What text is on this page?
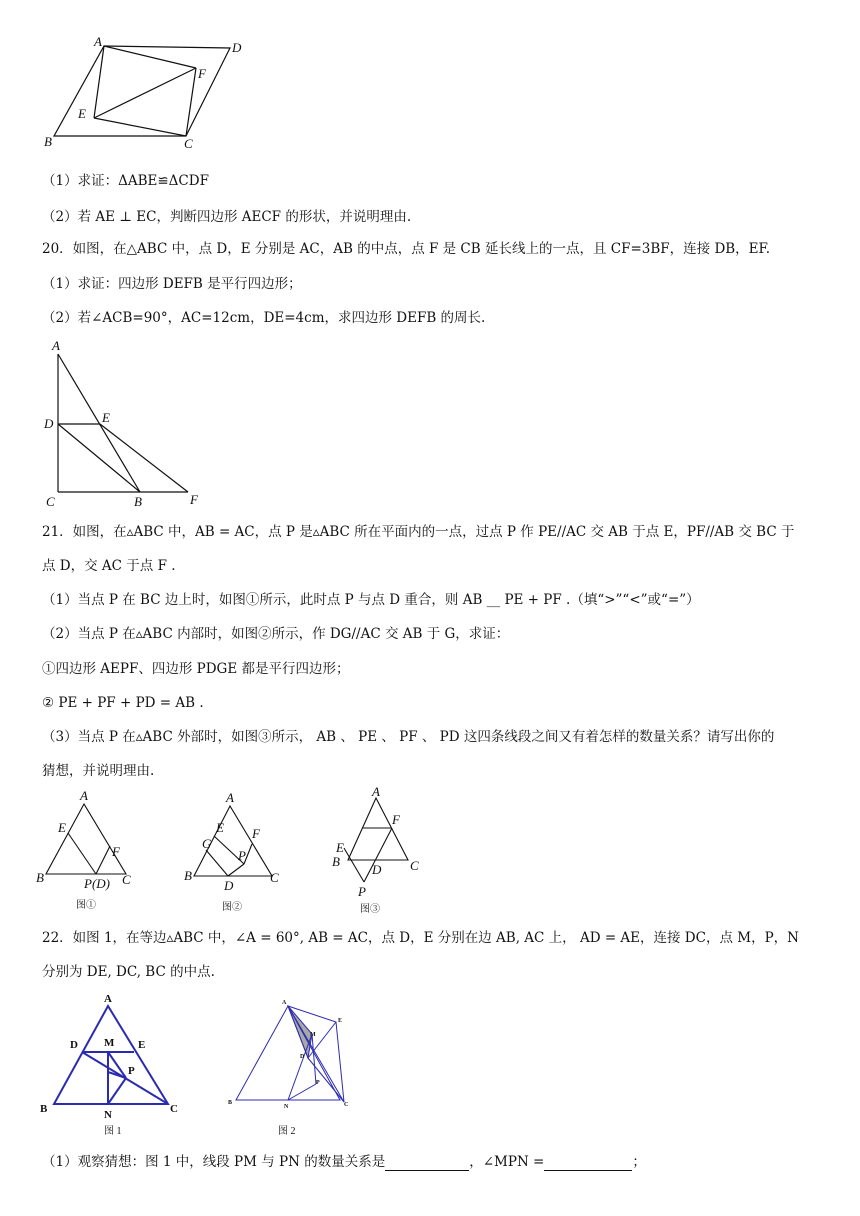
A	D
F
E
B	C
（1）求证：ΔABE≌ΔCDF
（2）若 AE ⊥ EC，判断四边形 AECF 的形状，并说明理由.
20．如图，在△ABC 中，点 D，E 分别是 AC，AB 的中点，点 F 是 CB 延长线上的一点，且 CF=3BF，连接 DB，EF.
（1）求证：四边形 DEFB 是平行四边形；
（2）若∠ACB=90°，AC=12cm，DE=4cm，求四边形 DEFB 的周长.
A
D	E
C	B	F
21．如图，在▵ABC 中，AB = AC，点 P 是▵ABC 所在平面内的一点，过点 P 作 PE//AC 交 AB 于点 E，PF//AB 交 BC 于
点 D，交 AC 于点 F .
（1）当点 P 在 BC 边上时，如图①所示，此时点 P 与点 D 重合，则 AB __ PE + PF .（填“>”“<”或“=”）
（2）当点 P 在▵ABC 内部时，如图②所示，作 DG//AC 交 AB 于 G，求证：
①四边形 AEPF、四边形 PDGE 都是平行四边形；
② PE + PF + PD = AB .
（3）当点 P 在▵ABC 外部时，如图③所示， AB 、 PE 、 PF 、 PD 这四条线段之间又有着怎样的数量关系？请写出你的
猜想，并说明理由.
A
E
F
B	P(D) C
图①
A
G
E F
P
B
D
C
图②
A
F
E
B
D C
P
图③
22．如图 1，在等边▵ABC 中，∠A = 60°, AB = AC，点 D，E 分别在边 AB, AC 上， AD = AE，连接 DC，点 M，P，N
分别为 DE, DC, BC 的中点.
A
D M E
P
B	N	C
图 1
A
E
M
D
P
B
N	C
图 2
（1）观察猜想：图 1 中，线段 PM 与 PN 的数量关系是	，∠MPN =	；
